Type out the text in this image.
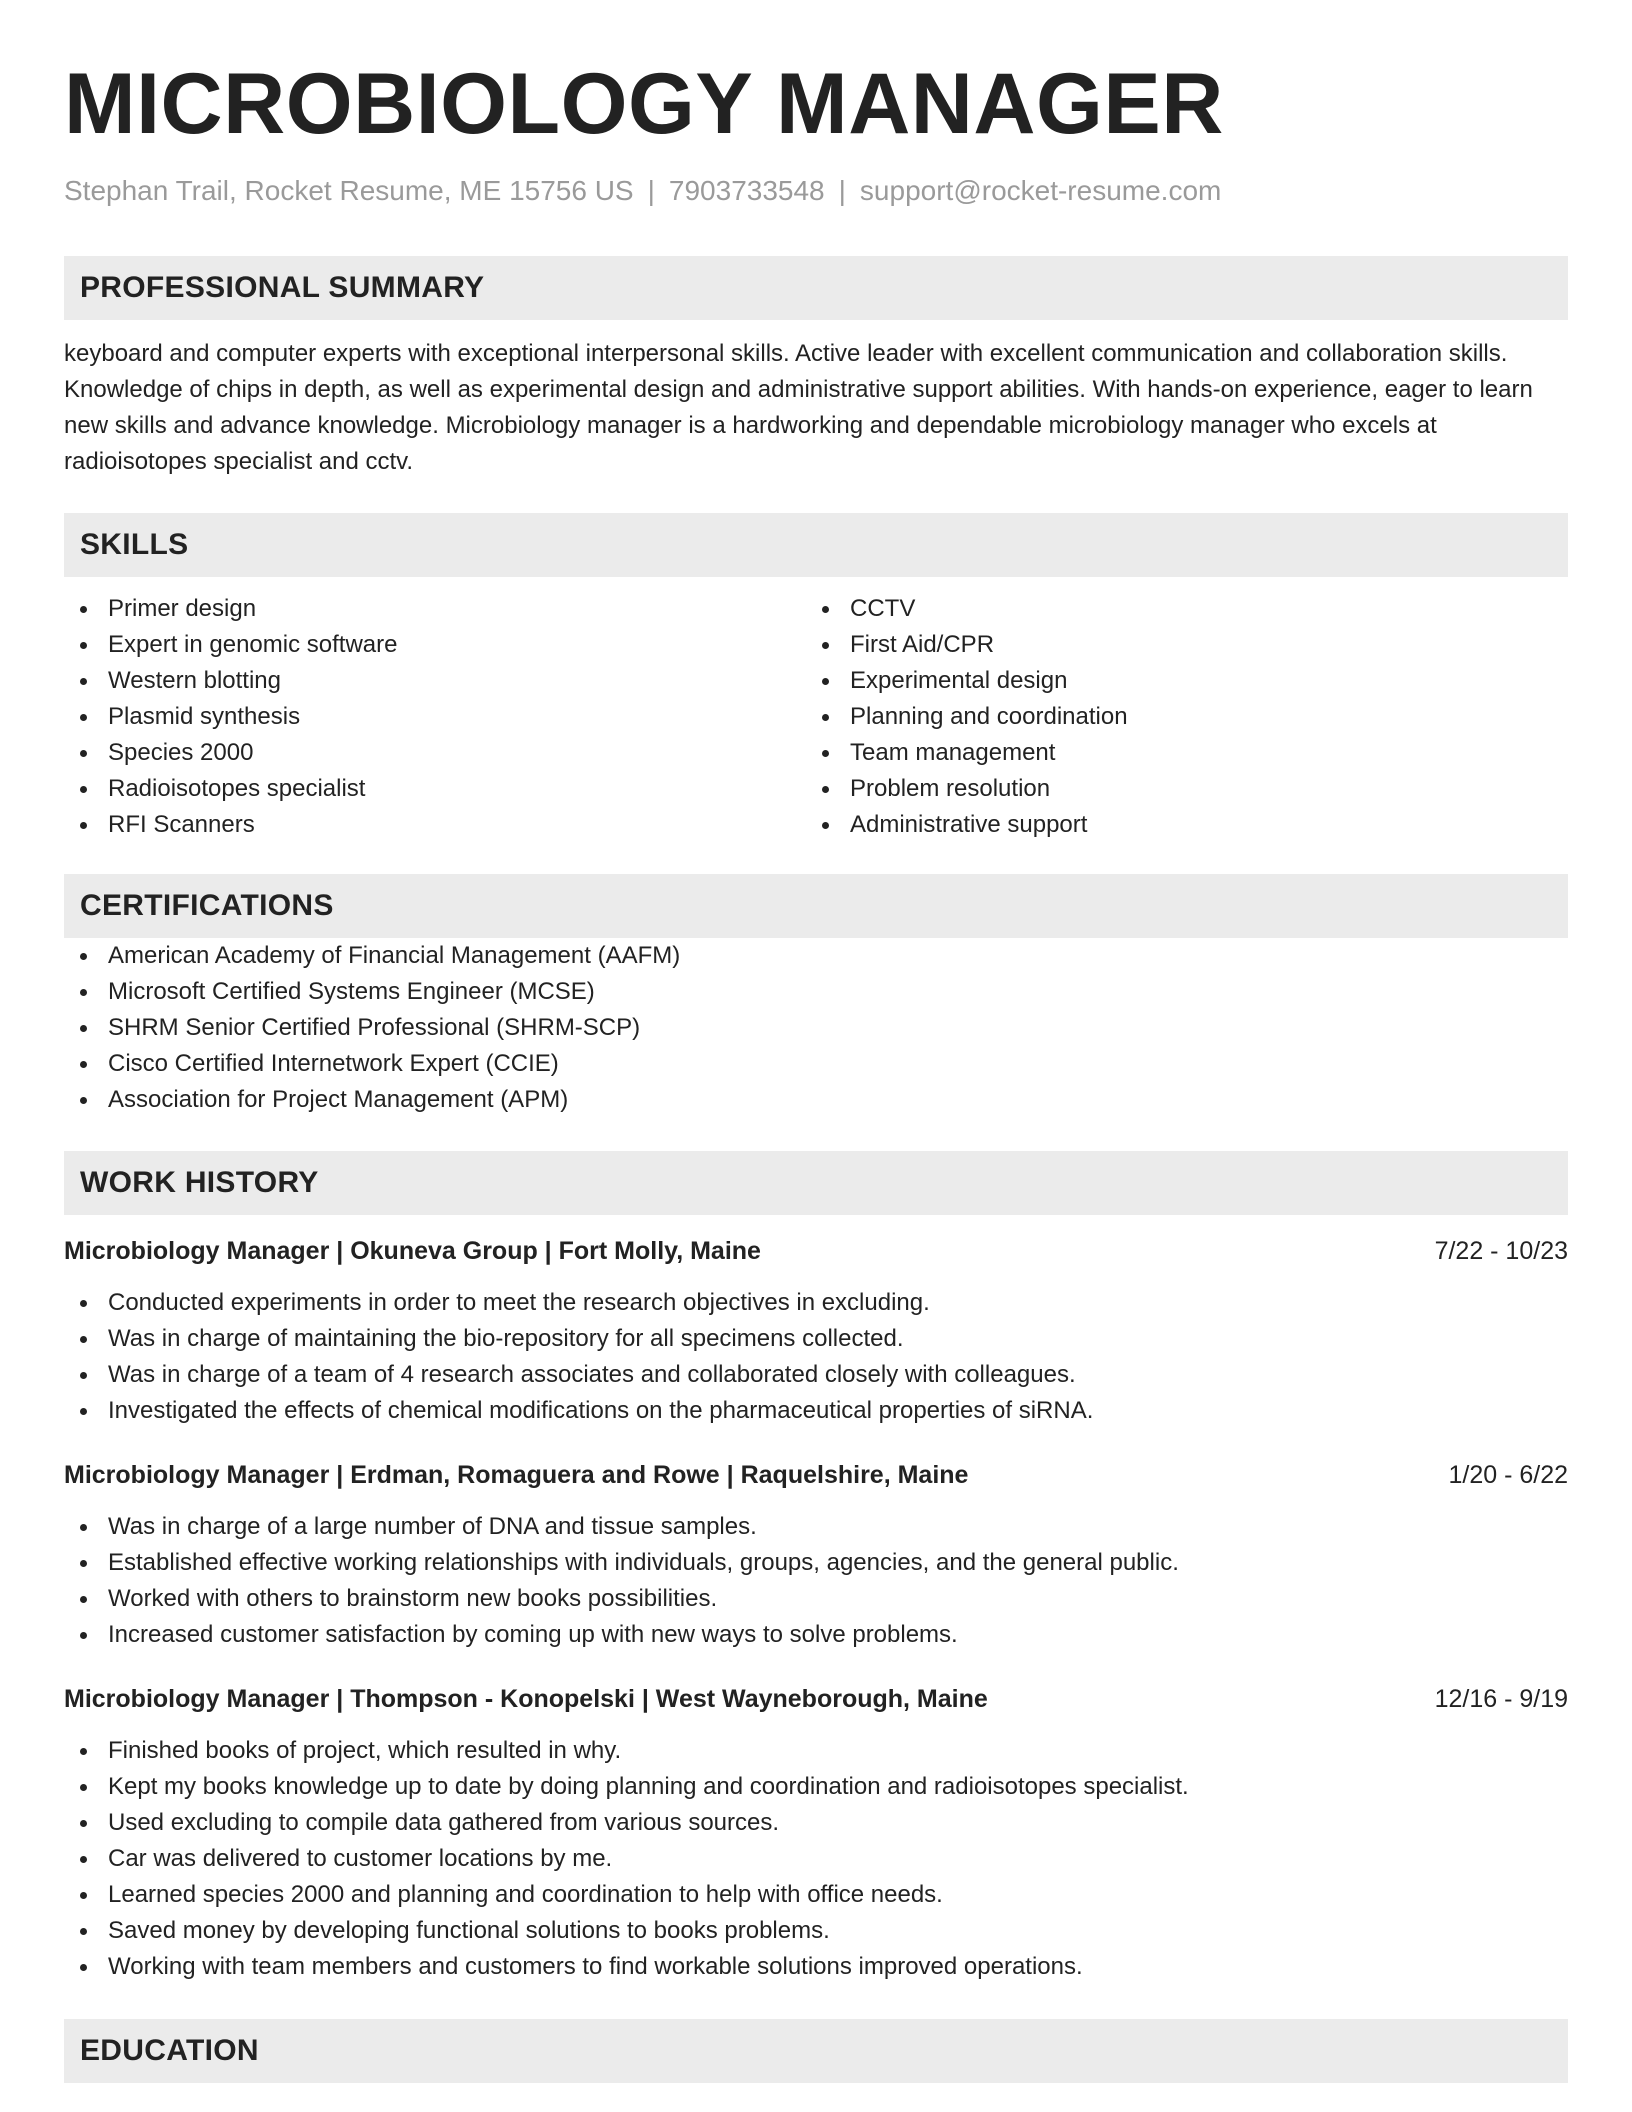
MICROBIOLOGY MANAGER
Stephan Trail, Rocket Resume, ME 15756 US | 7903733548 | support@rocket-resume.com
PROFESSIONAL SUMMARY

keyboard and computer experts with exceptional interpersonal skills. Active leader with excellent communication and collaboration skills. Knowledge of chips in depth, as well as experimental design and administrative support abilities. With hands-on experience, eager to learn new skills and advance knowledge. Microbiology manager is a hardworking and dependable microbiology manager who excels at radioisotopes specialist and cctv.

SKILLS
Primer design
Expert in genomic software
Western blotting
Plasmid synthesis
Species 2000
Radioisotopes specialist
RFI Scanners
CCTV
First Aid/CPR
Experimental design
Planning and coordination
Team management
Problem resolution
Administrative support
CERTIFICATIONS
American Academy of Financial Management (AAFM)
Microsoft Certified Systems Engineer (MCSE)
SHRM Senior Certified Professional (SHRM-SCP)
Cisco Certified Internetwork Expert (CCIE)
Association for Project Management (APM)
WORK HISTORY
Microbiology Manager | Okuneva Group | Fort Molly, Maine	7/22 - 10/23
Conducted experiments in order to meet the research objectives in excluding.
Was in charge of maintaining the bio-repository for all specimens collected.
Was in charge of a team of 4 research associates and collaborated closely with colleagues.
Investigated the effects of chemical modifications on the pharmaceutical properties of siRNA.
Microbiology Manager | Erdman, Romaguera and Rowe | Raquelshire, Maine	1/20 - 6/22
Was in charge of a large number of DNA and tissue samples.
Established effective working relationships with individuals, groups, agencies, and the general public.
Worked with others to brainstorm new books possibilities.
Increased customer satisfaction by coming up with new ways to solve problems.
Microbiology Manager | Thompson - Konopelski | West Wayneborough, Maine	12/16 - 9/19
Finished books of project, which resulted in why.
Kept my books knowledge up to date by doing planning and coordination and radioisotopes specialist.
Used excluding to compile data gathered from various sources.
Car was delivered to customer locations by me.
Learned species 2000 and planning and coordination to help with office needs.
Saved money by developing functional solutions to books problems.
Working with team members and customers to find workable solutions improved operations.
EDUCATION
